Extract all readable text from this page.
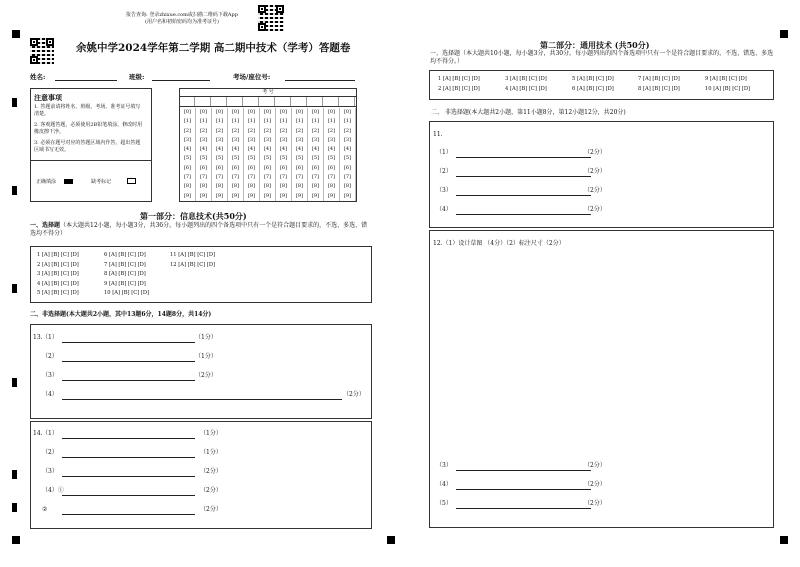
报告查询: 登录zhixue.com或扫描二维码下载App
(用户名和初始密码均为准考证号)
余姚中学2024学年第二学期 高二期中技术（学考）答题卷
姓名:	班级:	考场/座位号:
注意事项
1. 答题前请将姓名、班级、考场、准考证号填写清楚。
2. 客观题答题，必须使用2B铅笔填涂，修改时用橡皮擦干净。
3. 必须在题号对应的答题区域内作答，超出答题区域书写无效。
正确填涂	缺考标记
考 号
[0]	[0]	[0]	[0]	[0]	[0]	[0]	[0]	[0]	[0]	[0]
[1]	[1]	[1]	[1]	[1]	[1]	[1]	[1]	[1]	[1]	[1]
[2]	[2]	[2]	[2]	[2]	[2]	[2]	[2]	[2]	[2]	[2]
[3]	[3]	[3]	[3]	[3]	[3]	[3]	[3]	[3]	[3]	[3]
[4]	[4]	[4]	[4]	[4]	[4]	[4]	[4]	[4]	[4]	[4]
[5]	[5]	[5]	[5]	[5]	[5]	[5]	[5]	[5]	[5]	[5]
[6]	[6]	[6]	[6]	[6]	[6]	[6]	[6]	[6]	[6]	[6]
[7]	[7]	[7]	[7]	[7]	[7]	[7]	[7]	[7]	[7]	[7]
[8]	[8]	[8]	[8]	[8]	[8]	[8]	[8]	[8]	[8]	[8]
[9]	[9]	[9]	[9]	[9]	[9]	[9]	[9]	[9]	[9]	[9]
第一部分：信息技术(共50分)
一、选择题（本大题共12小题，每小题3分，共36分。每小题列出的四个备选项中只有一个是符合题目要求的，不选、多选、错选均不得分）
1 [A] [B] [C] [D]	6 [A] [B] [C] [D]	11 [A] [B] [C] [D]
2 [A] [B] [C] [D]	7 [A] [B] [C] [D]	12 [A] [B] [C] [D]
3 [A] [B] [C] [D]	8 [A] [B] [C] [D]
4 [A] [B] [C] [D]	9 [A] [B] [C] [D]
5 [A] [B] [C] [D]	10 [A] [B] [C] [D]
二、非选择题(本大题共2小题，其中13题6分，14题8分，共14分)
13. （1）	（1分）
（2）	（1分）
（3）	（2分）
（4）	（2分）
14. （1）	（1分）
（2）	（1分）
（3）	（2分）
（4）①	（2分）
②	（2分）
第二部分：通用技术 (共50分)
一、选择题（本大题共10小题，每小题3分，共30分。每小题列出的四个备选项中只有一个是符合题目要求的，不选、错选、多选均不得分。）
1 [A] [B] [C] [D]	3 [A] [B] [C] [D]	5 [A] [B] [C] [D]	7 [A] [B] [C] [D]	9 [A] [B] [C] [D]
2 [A] [B] [C] [D]	4 [A] [B] [C] [D]	6 [A] [B] [C] [D]	8 [A] [B] [C] [D]	10 [A] [B] [C] [D]
二、 非选择题(本大题共2小题，第11小题8分，第12小题12分，共20分)
11.
（1）	（2分）
（2）	（2分）
（3）	（2分）
（4）	（2分）
12.（1）设计草图 （4分）（2）标注尺寸（2分）
（3）	（2分）
（4）	（2分）
（5）	（2分）
